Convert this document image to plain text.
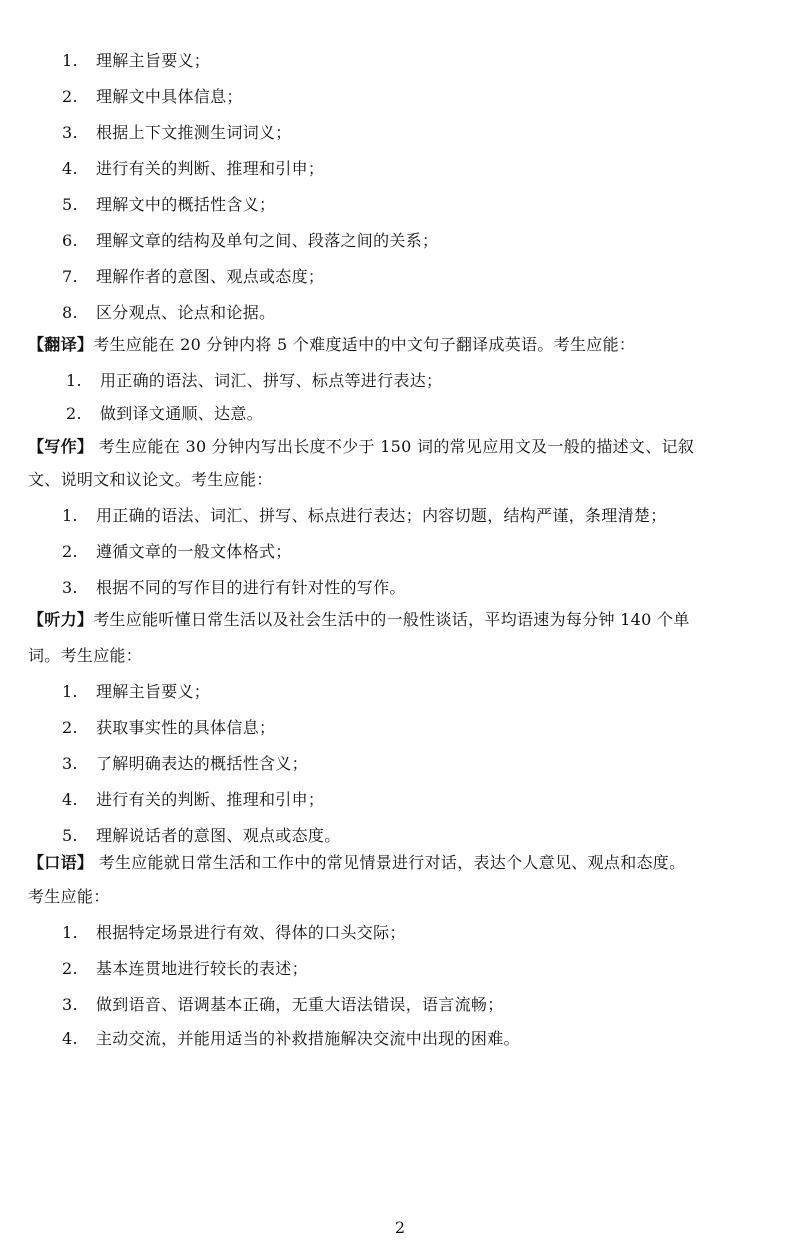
1. 理解主旨要义；
2. 理解文中具体信息；
3. 根据上下文推测生词词义；
4. 进行有关的判断、推理和引申；
5. 理解文中的概括性含义；
6. 理解文章的结构及单句之间、段落之间的关系；
7. 理解作者的意图、观点或态度；
8. 区分观点、论点和论据。
【翻译】考生应能在 20 分钟内将 5 个难度适中的中文句子翻译成英语。考生应能：
1. 用正确的语法、词汇、拼写、标点等进行表达；
2. 做到译文通顺、达意。
【写作】 考生应能在 30 分钟内写出长度不少于 150 词的常见应用文及一般的描述文、记叙
文、说明文和议论文。考生应能：
1. 用正确的语法、词汇、拼写、标点进行表达；内容切题，结构严谨，条理清楚；
2. 遵循文章的一般文体格式；
3. 根据不同的写作目的进行有针对性的写作。
【听力】考生应能听懂日常生活以及社会生活中的一般性谈话，平均语速为每分钟 140 个单
词。考生应能：
1. 理解主旨要义；
2. 获取事实性的具体信息；
3. 了解明确表达的概括性含义；
4. 进行有关的判断、推理和引申；
5. 理解说话者的意图、观点或态度。
【口语】 考生应能就日常生活和工作中的常见情景进行对话，表达个人意见、观点和态度。
考生应能：
1. 根据特定场景进行有效、得体的口头交际；
2. 基本连贯地进行较长的表述；
3. 做到语音、语调基本正确，无重大语法错误，语言流畅；
4. 主动交流，并能用适当的补救措施解决交流中出现的困难。
2
